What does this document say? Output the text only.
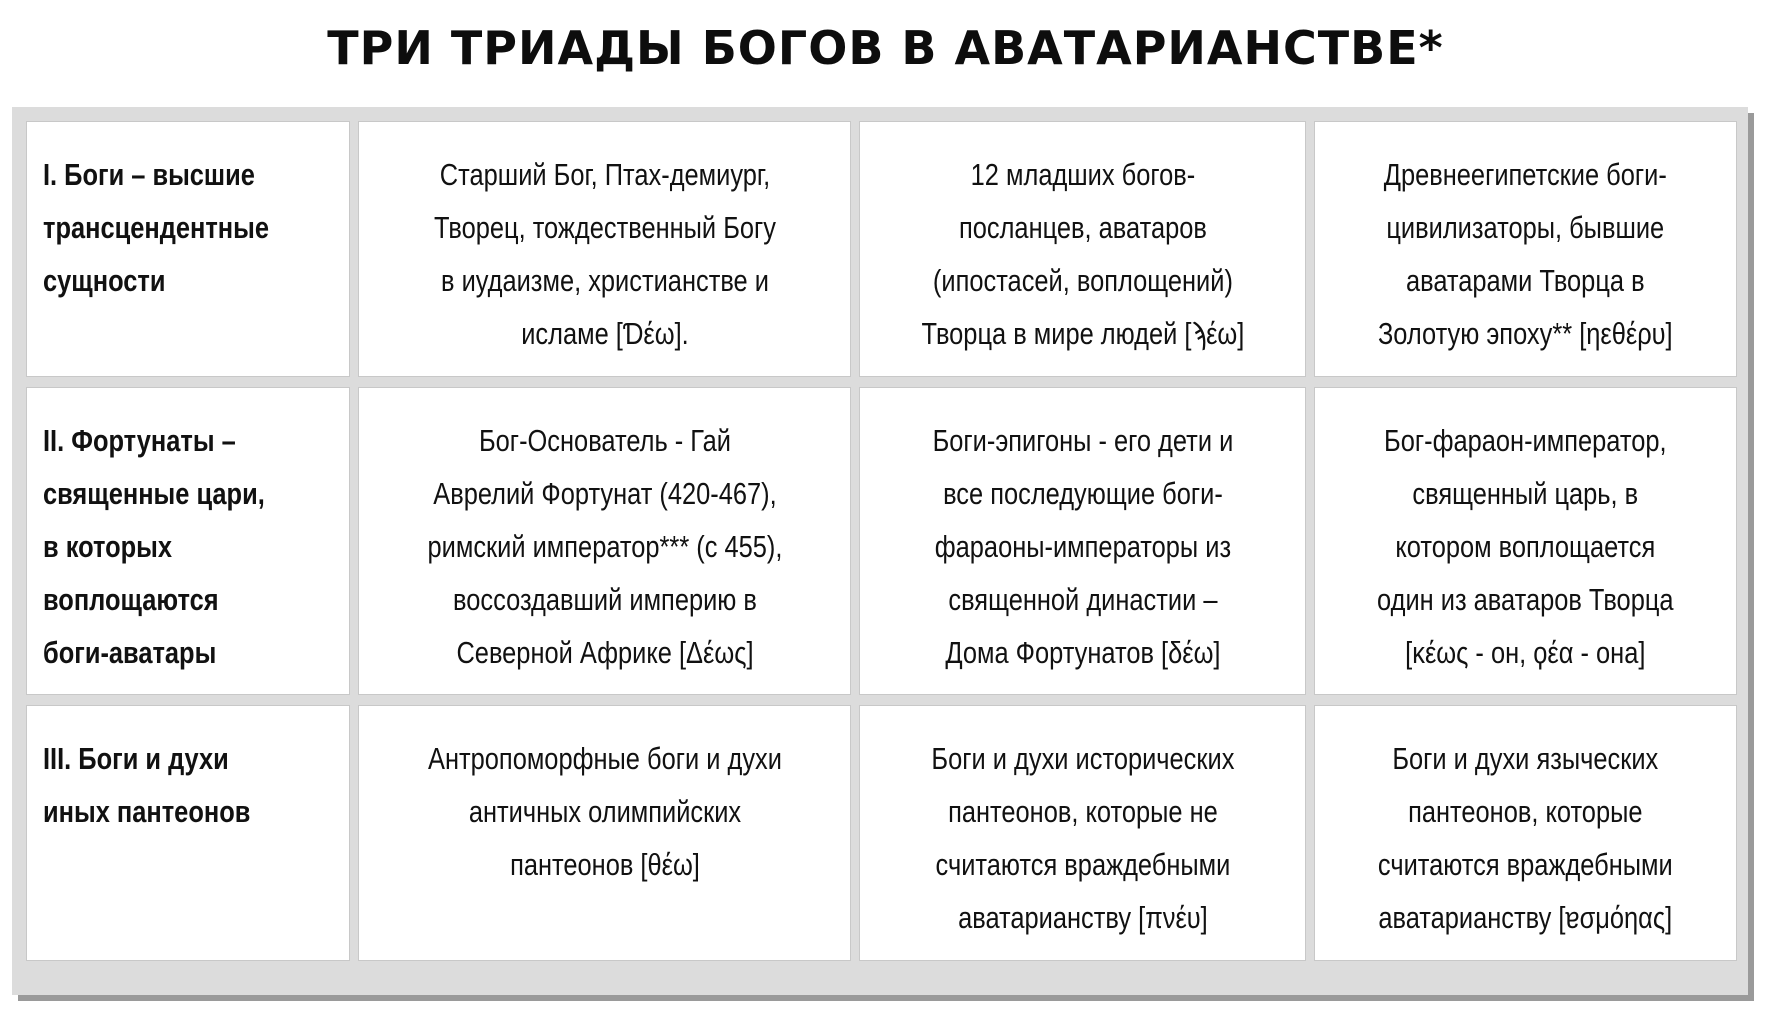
ТРИ ТРИАДЫ БОГОВ В АВАТАРИАНСТВЕ*
I. Боги – высшие
трансцендентные
сущности
Старший Бог, Птах-демиург,
Творец, тождественный Богу
в иудаизме, христианстве и
исламе [Ɗέω].
12 младших богов-
посланцев, аватаров
(ипостасей, воплощений)
Творца в мире людей [ϡέω]
Древнеегипетские боги-
цивилизаторы, бывшие
аватарами Творца в
Золотую эпоху** [ηεθέρυ]
II. Фортунаты –
священные цари,
в которых
воплощаются
боги-аватары
Бог-Основатель - Гай
Аврелий Фортунат (420-467),
римский император*** (с 455),
воссоздавший империю в
Северной Африке [Δέως]
Боги-эпигоны - его дети и
все последующие боги-
фараоны-императоры из
священной династии –
Дома Фортунатов [δέω]
Бог-фараон-император,
священный царь, в
котором воплощается
один из аватаров Творца
[κέως - он, ϙέα - она]
III. Боги и духи
иных пантеонов
Антропоморфные боги и духи
античных олимпийских
пантеонов [θέω]
Боги и духи исторических
пантеонов, которые не
считаются враждебными
аватарианству [πνέυ]
Боги и духи языческих
пантеонов, которые
считаются враждебными
аватарианству [ɐσμόηας]
